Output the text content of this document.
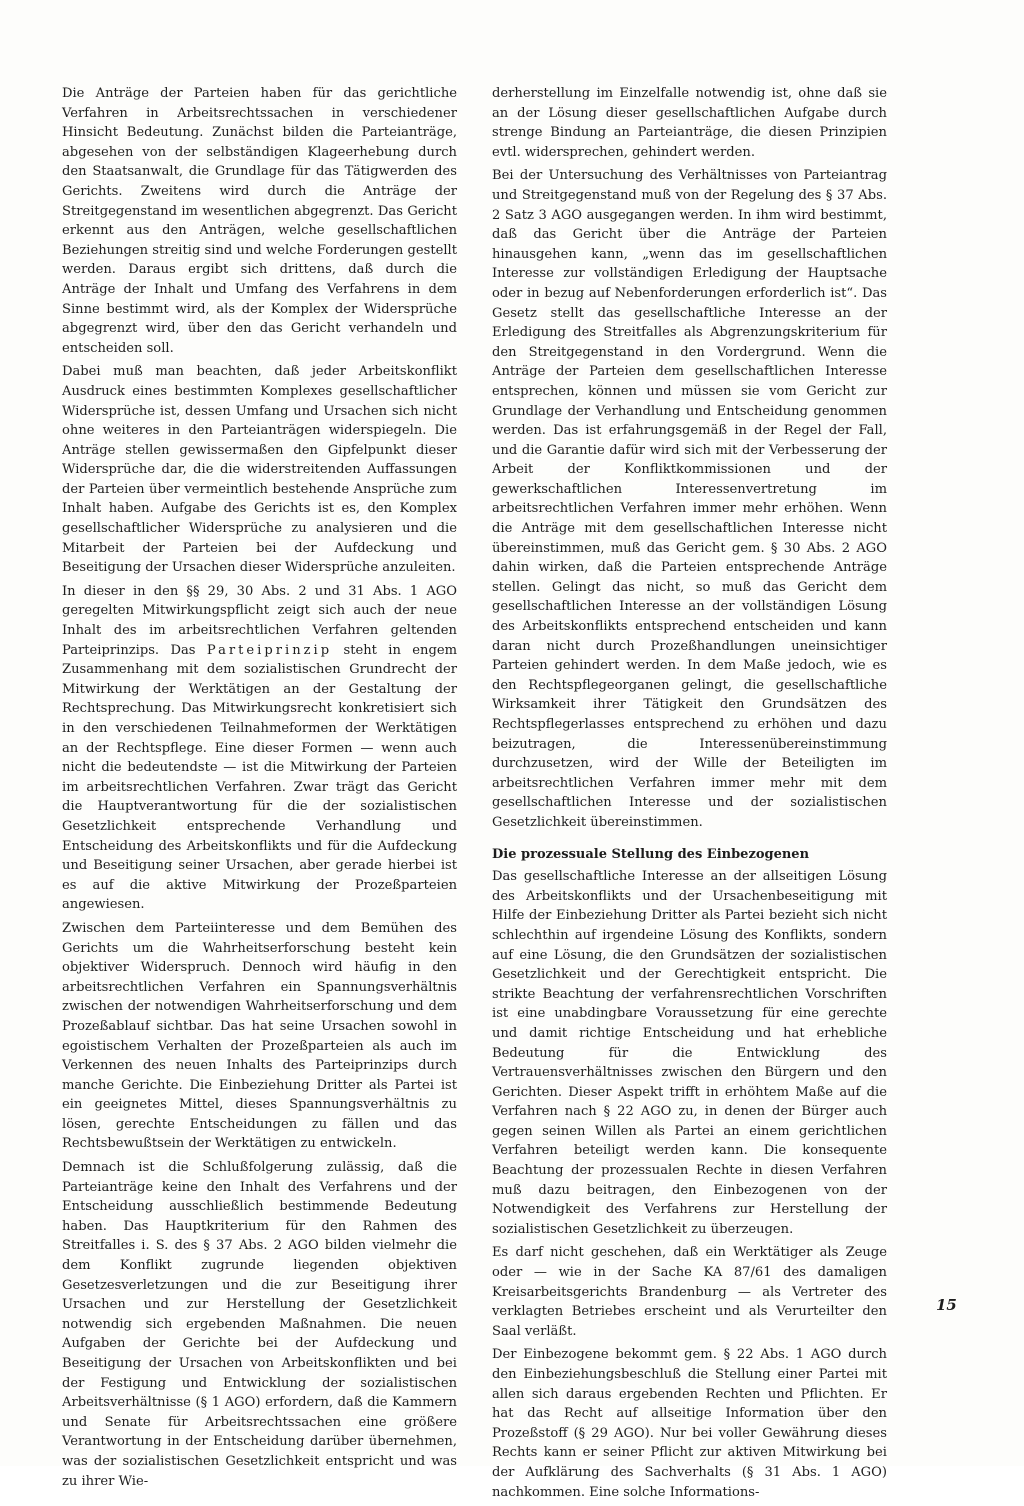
Die Anträge der Parteien haben für das gerichtliche Verfahren in Arbeitsrechtssachen in verschiedener Hinsicht Bedeutung. Zunächst bilden die Parteianträge, abgesehen von der selbständigen Klageerhebung durch den Staatsanwalt, die Grundlage für das Tätigwerden des Gerichts. Zweitens wird durch die Anträge der Streitgegenstand im wesentlichen abgegrenzt. Das Gericht erkennt aus den Anträgen, welche gesellschaftlichen Beziehungen streitig sind und welche Forderungen gestellt werden. Daraus ergibt sich drittens, daß durch die Anträge der Inhalt und Umfang des Verfahrens in dem Sinne bestimmt wird, als der Komplex der Widersprüche abgegrenzt wird, über den das Gericht verhandeln und entscheiden soll.

Dabei muß man beachten, daß jeder Arbeitskonflikt Ausdruck eines bestimmten Komplexes gesellschaftlicher Widersprüche ist, dessen Umfang und Ursachen sich nicht ohne weiteres in den Parteianträgen widerspiegeln. Die Anträge stellen gewissermaßen den Gipfelpunkt dieser Widersprüche dar, die die widerstreitenden Auffassungen der Parteien über vermeintlich bestehende Ansprüche zum Inhalt haben. Aufgabe des Gerichts ist es, den Komplex gesellschaftlicher Widersprüche zu analysieren und die Mitarbeit der Parteien bei der Aufdeckung und Beseitigung der Ursachen dieser Widersprüche anzuleiten.

In dieser in den §§ 29, 30 Abs. 2 und 31 Abs. 1 AGO geregelten Mitwirkungspflicht zeigt sich auch der neue Inhalt des im arbeitsrechtlichen Verfahren geltenden Parteiprinzips. Das Parteiprinzip steht in engem Zusammenhang mit dem sozialistischen Grundrecht der Mitwirkung der Werktätigen an der Gestaltung der Rechtsprechung. Das Mitwirkungsrecht konkretisiert sich in den verschiedenen Teilnahmeformen der Werktätigen an der Rechtspflege. Eine dieser Formen — wenn auch nicht die bedeutendste — ist die Mitwirkung der Parteien im arbeitsrechtlichen Verfahren. Zwar trägt das Gericht die Hauptverantwortung für die der sozialistischen Gesetzlichkeit entsprechende Verhandlung und Entscheidung des Arbeitskonflikts und für die Aufdeckung und Beseitigung seiner Ursachen, aber gerade hierbei ist es auf die aktive Mitwirkung der Prozeßparteien angewiesen.

Zwischen dem Parteiinteresse und dem Bemühen des Gerichts um die Wahrheitserforschung besteht kein objektiver Widerspruch. Dennoch wird häufig in den arbeitsrechtlichen Verfahren ein Spannungsverhältnis zwischen der notwendigen Wahrheitserforschung und dem Prozeßablauf sichtbar. Das hat seine Ursachen sowohl in egoistischem Verhalten der Prozeßparteien als auch im Verkennen des neuen Inhalts des Parteiprinzips durch manche Gerichte. Die Einbeziehung Dritter als Partei ist ein geeignetes Mittel, dieses Spannungsverhältnis zu lösen, gerechte Entscheidungen zu fällen und das Rechtsbewußtsein der Werktätigen zu entwickeln.

Demnach ist die Schlußfolgerung zulässig, daß die Parteianträge keine den Inhalt des Verfahrens und der Entscheidung ausschließlich bestimmende Bedeutung haben. Das Hauptkriterium für den Rahmen des Streitfalles i. S. des § 37 Abs. 2 AGO bilden vielmehr die dem Konflikt zugrunde liegenden objektiven Gesetzesverletzungen und die zur Beseitigung ihrer Ursachen und zur Herstellung der Gesetzlichkeit notwendig sich ergebenden Maßnahmen. Die neuen Aufgaben der Gerichte bei der Aufdeckung und Beseitigung der Ursachen von Arbeitskonflikten und bei der Festigung und Entwicklung der sozialistischen Arbeitsverhältnisse (§ 1 AGO) erfordern, daß die Kammern und Senate für Arbeitsrechtssachen eine größere Verantwortung in der Entscheidung darüber übernehmen, was der sozialistischen Gesetzlichkeit entspricht und was zu ihrer Wie-

derherstellung im Einzelfalle notwendig ist, ohne daß sie an der Lösung dieser gesellschaftlichen Aufgabe durch strenge Bindung an Parteianträge, die diesen Prinzipien evtl. widersprechen, gehindert werden.

Bei der Untersuchung des Verhältnisses von Parteiantrag und Streitgegenstand muß von der Regelung des § 37 Abs. 2 Satz 3 AGO ausgegangen werden. In ihm wird bestimmt, daß das Gericht über die Anträge der Parteien hinausgehen kann, „wenn das im gesellschaftlichen Interesse zur vollständigen Erledigung der Hauptsache oder in bezug auf Nebenforderungen erforderlich ist“. Das Gesetz stellt das gesellschaftliche Interesse an der Erledigung des Streitfalles als Abgrenzungskriterium für den Streitgegenstand in den Vordergrund. Wenn die Anträge der Parteien dem gesellschaftlichen Interesse entsprechen, können und müssen sie vom Gericht zur Grundlage der Verhandlung und Entscheidung genommen werden. Das ist erfahrungsgemäß in der Regel der Fall, und die Garantie dafür wird sich mit der Verbesserung der Arbeit der Konfliktkommissionen und der gewerkschaftlichen Interessenvertretung im arbeitsrechtlichen Verfahren immer mehr erhöhen. Wenn die Anträge mit dem gesellschaftlichen Interesse nicht übereinstimmen, muß das Gericht gem. § 30 Abs. 2 AGO dahin wirken, daß die Parteien entsprechende Anträge stellen. Gelingt das nicht, so muß das Gericht dem gesellschaftlichen Interesse an der vollständigen Lösung des Arbeitskonflikts entsprechend entscheiden und kann daran nicht durch Prozeßhandlungen uneinsichtiger Parteien gehindert werden. In dem Maße jedoch, wie es den Rechtspflegeorganen gelingt, die gesellschaftliche Wirksamkeit ihrer Tätigkeit den Grundsätzen des Rechtspflegerlasses entsprechend zu erhöhen und dazu beizutragen, die Interessenübereinstimmung durchzusetzen, wird der Wille der Beteiligten im arbeitsrechtlichen Verfahren immer mehr mit dem gesellschaftlichen Interesse und der sozialistischen Gesetzlichkeit übereinstimmen.

Die prozessuale Stellung des Einbezogenen

Das gesellschaftliche Interesse an der allseitigen Lösung des Arbeitskonflikts und der Ursachenbeseitigung mit Hilfe der Einbeziehung Dritter als Partei bezieht sich nicht schlechthin auf irgendeine Lösung des Konflikts, sondern auf eine Lösung, die den Grundsätzen der sozialistischen Gesetzlichkeit und der Gerechtigkeit entspricht. Die strikte Beachtung der verfahrensrechtlichen Vorschriften ist eine unabdingbare Voraussetzung für eine gerechte und damit richtige Entscheidung und hat erhebliche Bedeutung für die Entwicklung des Vertrauensverhältnisses zwischen den Bürgern und den Gerichten. Dieser Aspekt trifft in erhöhtem Maße auf die Verfahren nach § 22 AGO zu, in denen der Bürger auch gegen seinen Willen als Partei an einem gerichtlichen Verfahren beteiligt werden kann. Die konsequente Beachtung der prozessualen Rechte in diesen Verfahren muß dazu beitragen, den Einbezogenen von der Notwendigkeit des Verfahrens zur Herstellung der sozialistischen Gesetzlichkeit zu überzeugen.

Es darf nicht geschehen, daß ein Werktätiger als Zeuge oder — wie in der Sache KA 87/61 des damaligen Kreisarbeitsgerichts Brandenburg — als Vertreter des verklagten Betriebes erscheint und als Verurteilter den Saal verläßt.

Der Einbezogene bekommt gem. § 22 Abs. 1 AGO durch den Einbeziehungsbeschluß die Stellung einer Partei mit allen sich daraus ergebenden Rechten und Pflichten. Er hat das Recht auf allseitige Information über den Prozeßstoff (§ 29 AGO). Nur bei voller Gewährung dieses Rechts kann er seiner Pflicht zur aktiven Mitwirkung bei der Aufklärung des Sachverhalts (§ 31 Abs. 1 AGO) nachkommen. Eine solche Informations-

15
